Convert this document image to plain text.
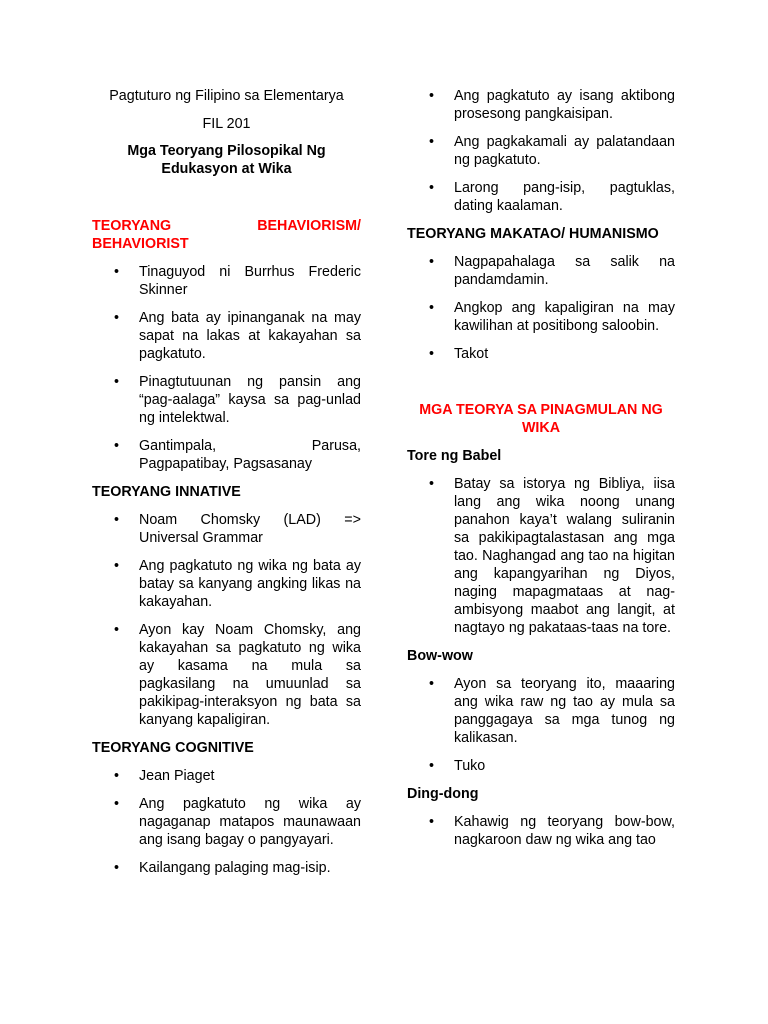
Pagtuturo ng Filipino sa Elementarya

FIL 201

Mga Teoryang Pilosopikal Ng Edukasyon at Wika

TEORYANG BEHAVIORISM/ BEHAVIORIST

•	Tinaguyod ni Burrhus Frederic Skinner
•	Ang bata ay ipinanganak na may sapat na lakas at kakayahan sa pagkatuto.
•	Pinagtutuunan ng pansin ang “pag-aalaga” kaysa sa pag-unlad ng intelektwal.
•	Gantimpala, Parusa, Pagpapatibay, Pagsasanay

TEORYANG INNATIVE

•	Noam Chomsky (LAD) => Universal Grammar
•	Ang pagkatuto ng wika ng bata ay batay sa kanyang angking likas na kakayahan.
•	Ayon kay Noam Chomsky, ang kakayahan sa pagkatuto ng wika ay kasama na mula sa pagkasilang na umuunlad sa pakikipag-interaksyon ng bata sa kanyang kapaligiran.

TEORYANG COGNITIVE

•	Jean Piaget
•	Ang pagkatuto ng wika ay nagaganap matapos maunawaan ang isang bagay o pangyayari.
•	Kailangang palaging mag-isip.
•	Ang pagkatuto ay isang aktibong prosesong pangkaisipan.
•	Ang pagkakamali ay palatandaan ng pagkatuto.
•	Larong pang-isip, pagtuklas, dating kaalaman.

TEORYANG MAKATAO/ HUMANISMO

•	Nagpapahalaga sa salik na pandamdamin.
•	Angkop ang kapaligiran na may kawilihan at positibong saloobin.
•	Takot

MGA TEORYA SA PINAGMULAN NG WIKA

Tore ng Babel

•	Batay sa istorya ng Bibliya, iisa lang ang wika noong unang panahon kaya’t walang suliranin sa pakikipagtalastasan ang mga tao. Naghangad ang tao na higitan ang kapangyarihan ng Diyos, naging mapagmataas at nag-ambisyong maabot ang langit, at nagtayo ng pakataas-taas na tore.

Bow-wow

•	Ayon sa teoryang ito, maaaring ang wika raw ng tao ay mula sa panggagaya sa mga tunog ng kalikasan.
•	Tuko

Ding-dong

•	Kahawig ng teoryang bow-bow, nagkaroon daw ng wika ang tao
